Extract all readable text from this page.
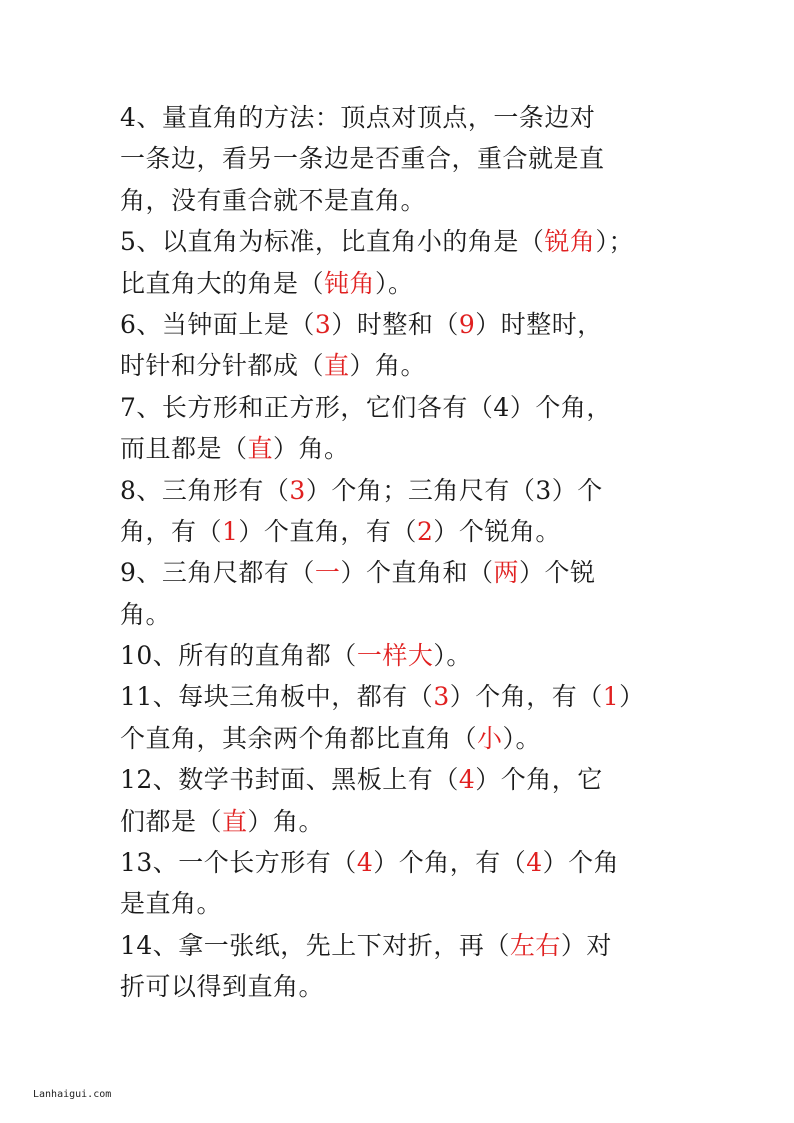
4、量直角的方法：顶点对顶点，一条边对
一条边，看另一条边是否重合，重合就是直
角，没有重合就不是直角。
5、以直角为标准，比直角小的角是（锐角）；
比直角大的角是（钝角）。
6、当钟面上是（3）时整和（9）时整时，
时针和分针都成（直）角。
7、长方形和正方形，它们各有（4）个角，
而且都是（直）角。
8、三角形有（3）个角；三角尺有（3）个
角，有（1）个直角，有（2）个锐角。
9、三角尺都有（一）个直角和（两）个锐
角。
10、所有的直角都（一样大）。
11、每块三角板中，都有（3）个角，有（1）
个直角，其余两个角都比直角（小）。
12、数学书封面、黑板上有（4）个角，它
们都是（直）角。
13、一个长方形有（4）个角，有（4）个角
是直角。
14、拿一张纸，先上下对折，再（左右）对
折可以得到直角。
Lanhaigui.com
